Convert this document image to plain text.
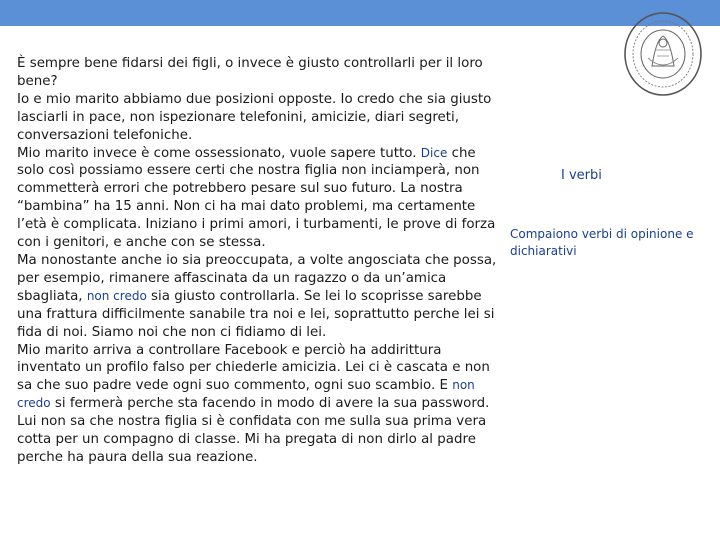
È sempre bene fidarsi dei figli, o invece è giusto controllarli per il loro bene?
Io e mio marito abbiamo due posizioni opposte. Io credo che sia giusto lasciarli in pace, non ispezionare telefonini, amicizie, diari segreti, conversazioni telefoniche.
Mio marito invece è come ossessionato, vuole sapere tutto. Dice che solo così possiamo essere certi che nostra figlia non inciamperà, non commetterà errori che potrebbero pesare sul suo futuro. La nostra “bambina” ha 15 anni. Non ci ha mai dato problemi, ma certamente l’età è complicata. Iniziano i primi amori, i turbamenti, le prove di forza con i genitori, e anche con se stessa.
Ma nonostante anche io sia preoccupata, a volte angosciata che possa, per esempio, rimanere affascinata da un ragazzo o da un’amica sbagliata, non credo sia giusto controllarla. Se lei lo scoprisse sarebbe una frattura difficilmente sanabile tra noi e lei, soprattutto perche lei si fida di noi. Siamo noi che non ci fidiamo di lei.
Mio marito arriva a controllare Facebook e perciò ha addirittura inventato un profilo falso per chiederle amicizia. Lei ci è cascata e non sa che suo padre vede ogni suo commento, ogni suo scambio. E non credo si fermerà perche sta facendo in modo di avere la sua password. Lui non sa che nostra figlia si è confidata con me sulla sua prima vera cotta per un compagno di classe. Mi ha pregata di non dirlo al padre perche ha paura della sua reazione.
I verbi
Compaiono verbi di opinione e dichiarativi
